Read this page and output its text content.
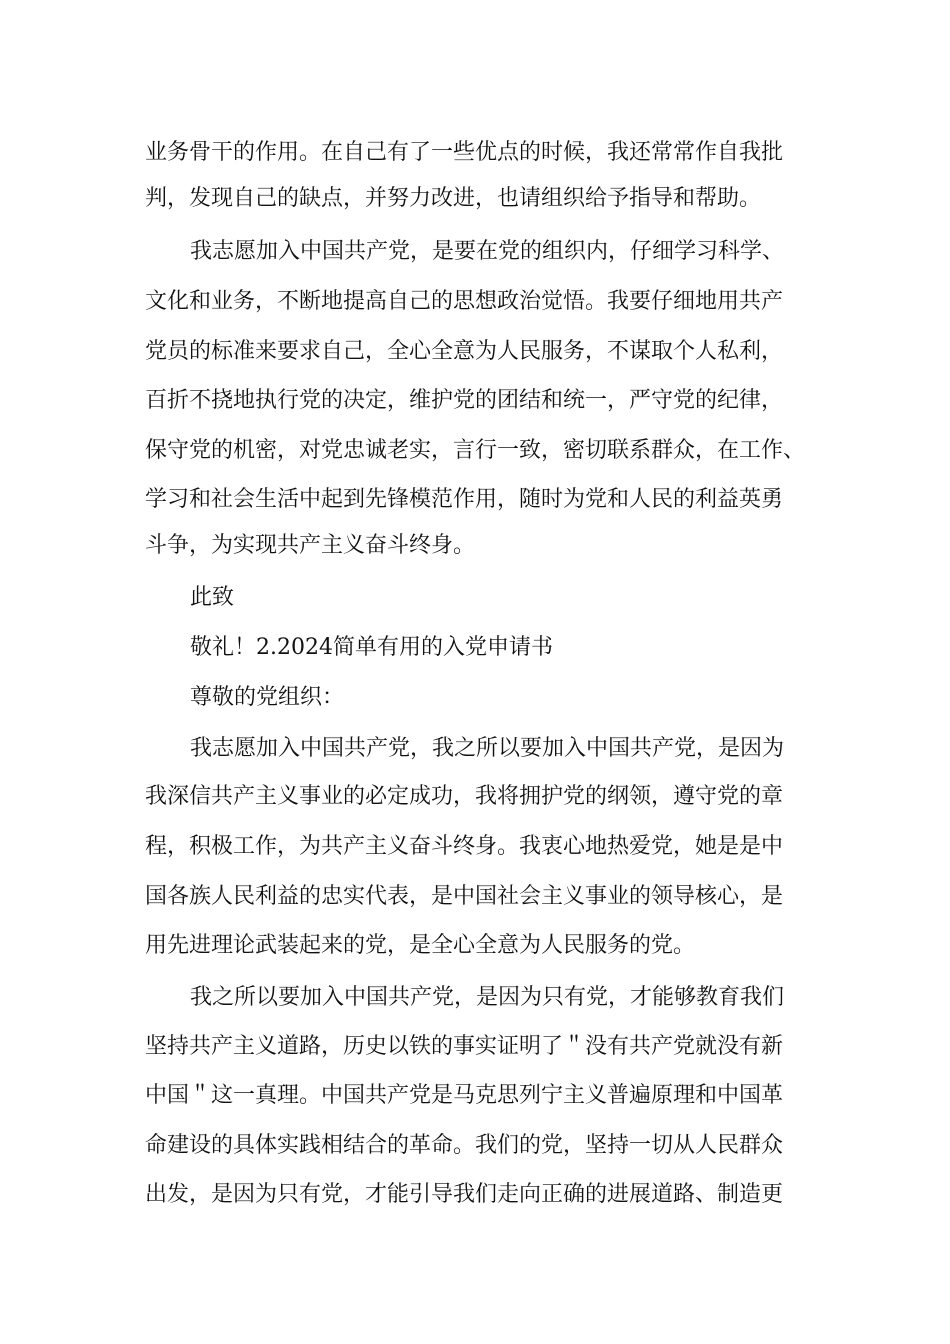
业务骨干的作用。在自己有了一些优点的时候，我还常常作自我批
判，发现自己的缺点，并努力改进，也请组织给予指导和帮助。
我志愿加入中国共产党，是要在党的组织内，仔细学习科学、
文化和业务，不断地提高自己的思想政治觉悟。我要仔细地用共产
党员的标准来要求自己，全心全意为人民服务，不谋取个人私利，
百折不挠地执行党的决定，维护党的团结和统一，严守党的纪律，
保守党的机密，对党忠诚老实，言行一致，密切联系群众，在工作、
学习和社会生活中起到先锋模范作用，随时为党和人民的利益英勇
斗争，为实现共产主义奋斗终身。
此致
敬礼！2.2024简单有用的入党申请书
尊敬的党组织：
我志愿加入中国共产党，我之所以要加入中国共产党，是因为
我深信共产主义事业的必定成功，我将拥护党的纲领，遵守党的章
程，积极工作，为共产主义奋斗终身。我衷心地热爱党，她是是中
国各族人民利益的忠实代表，是中国社会主义事业的领导核心，是
用先进理论武装起来的党，是全心全意为人民服务的党。
我之所以要加入中国共产党，是因为只有党，才能够教育我们
坚持共产主义道路，历史以铁的事实证明了＂没有共产党就没有新
中国＂这一真理。中国共产党是马克思列宁主义普遍原理和中国革
命建设的具体实践相结合的革命。我们的党，坚持一切从人民群众
出发，是因为只有党，才能引导我们走向正确的进展道路、制造更
